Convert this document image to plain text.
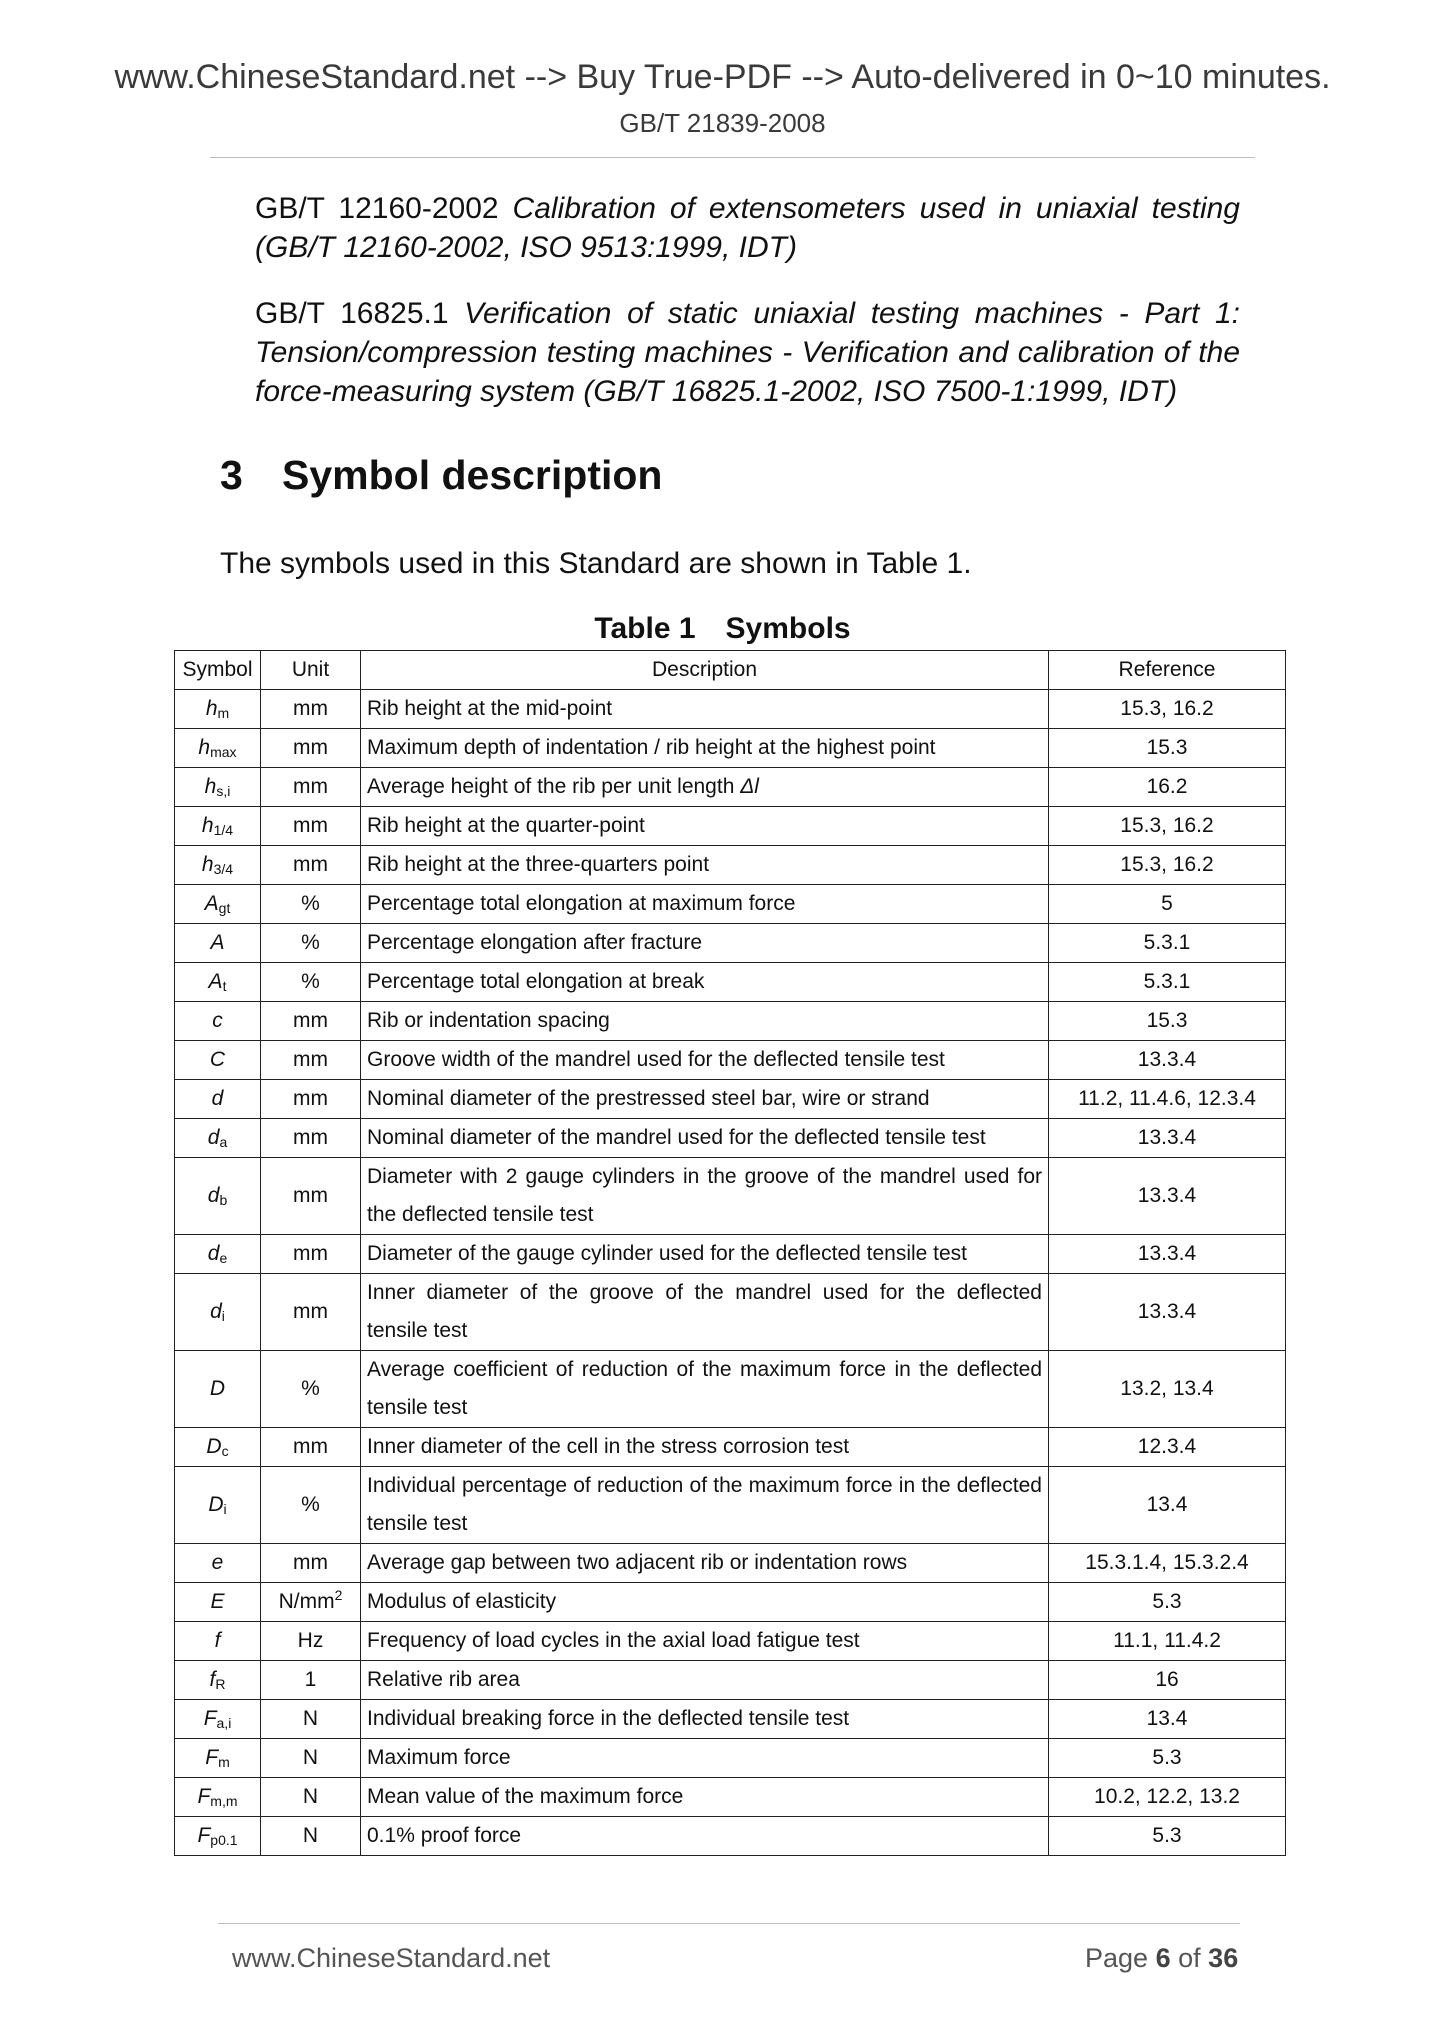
www.ChineseStandard.net --> Buy True-PDF --> Auto-delivered in 0~10 minutes.
GB/T 21839-2008
GB/T 12160-2002 Calibration of extensometers used in uniaxial testing (GB/T 12160-2002, ISO 9513:1999, IDT)
GB/T 16825.1 Verification of static uniaxial testing machines - Part 1: Tension/compression testing machines - Verification and calibration of the force-measuring system (GB/T 16825.1-2002, ISO 7500-1:1999, IDT)
3 Symbol description
The symbols used in this Standard are shown in Table 1.
Table 1 Symbols
Symbol	Unit	Description	Reference
$h_m$	mm	Rib height at the mid-point	15.3, 16.2
$h_{max}$	mm	Maximum depth of indentation / rib height at the highest point	15.3
$h_{s,i}$	mm	Average height of the rib per unit length Δl	16.2
$h_{1/4}$	mm	Rib height at the quarter-point	15.3, 16.2
$h_{3/4}$	mm	Rib height at the three-quarters point	15.3, 16.2
$A_{gt}$	%	Percentage total elongation at maximum force	5
A	%	Percentage elongation after fracture	5.3.1
$A_t$	%	Percentage total elongation at break	5.3.1
c	mm	Rib or indentation spacing	15.3
C	mm	Groove width of the mandrel used for the deflected tensile test	13.3.4
d	mm	Nominal diameter of the prestressed steel bar, wire or strand	11.2, 11.4.6, 12.3.4
$d_a$	mm	Nominal diameter of the mandrel used for the deflected tensile test	13.3.4
$d_b$	mm	Diameter with 2 gauge cylinders in the groove of the mandrel used for the deflected tensile test	13.3.4
$d_e$	mm	Diameter of the gauge cylinder used for the deflected tensile test	13.3.4
$d_i$	mm	Inner diameter of the groove of the mandrel used for the deflected tensile test	13.3.4
D	%	Average coefficient of reduction of the maximum force in the deflected tensile test	13.2, 13.4
$D_c$	mm	Inner diameter of the cell in the stress corrosion test	12.3.4
$D_i$	%	Individual percentage of reduction of the maximum force in the deflected tensile test	13.4
e	mm	Average gap between two adjacent rib or indentation rows	15.3.1.4, 15.3.2.4
E	$N/mm^2$	Modulus of elasticity	5.3
f	Hz	Frequency of load cycles in the axial load fatigue test	11.1, 11.4.2
$f_R$	1	Relative rib area	16
$F_{a,i}$	N	Individual breaking force in the deflected tensile test	13.4
$F_m$	N	Maximum force	5.3
$F_{m,m}$	N	Mean value of the maximum force	10.2, 12.2, 13.2
$F_{p0.1}$	N	0.1% proof force	5.3
www.ChineseStandard.net	Page 6 of 36
